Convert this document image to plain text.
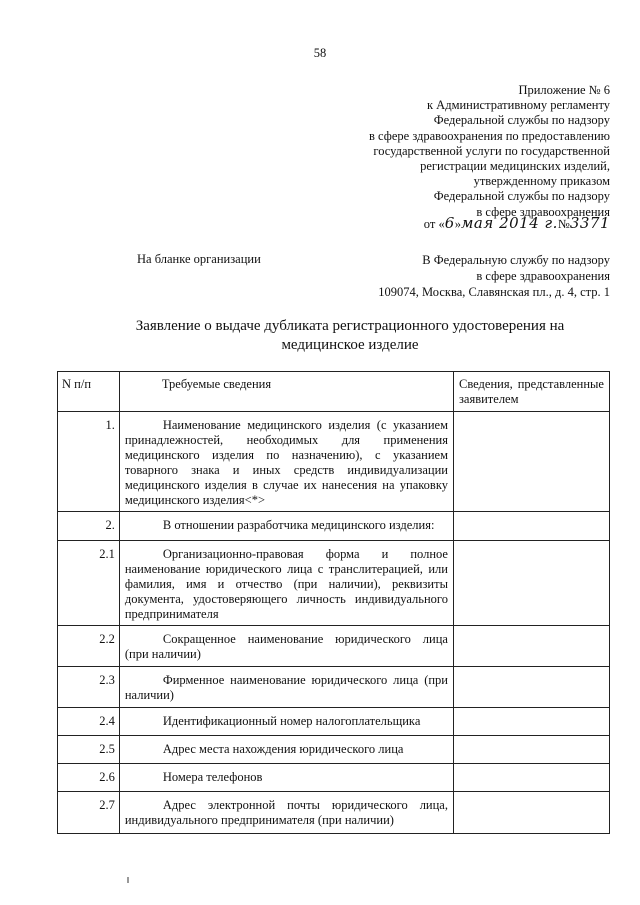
58
Приложение № 6
к Административному регламенту
Федеральной службы по надзору
в сфере здравоохранения по предоставлению
государственной услуги по государственной
регистрации медицинских изделий,
утвержденному приказом
Федеральной службы по надзору
в сфере здравоохранения
от «6»мая 2014 г.№3371
На бланке организации	В Федеральную службу по надзору
в сфере здравоохранения
109074, Москва, Славянская пл., д. 4, стр. 1
Заявление о выдаче дубликата регистрационного удостоверения на
медицинское изделие
N п/п	Требуемые сведения	Сведения, представленные заявителем
1.	Наименование медицинского изделия (с указанием принадлежностей, необходимых для применения медицинского изделия по назначению), с указанием товарного знака и иных средств индивидуализации медицинского изделия в случае их нанесения на упаковку медицинского изделия<*>	

2.	В отношении разработчика медицинского изделия:	

2.1	Организационно-правовая форма и полное наименование юридического лица с транслитерацией, или фамилия, имя и отчество (при наличии), реквизиты документа, удостоверяющего личность индивидуального предпринимателя	

2.2	Сокращенное наименование юридического лица (при наличии)	

2.3	Фирменное наименование юридического лица (при наличии)	

2.4	Идентификационный номер налогоплательщика	

2.5	Адрес места нахождения юридического лица	

2.6	Номера телефонов	

2.7	Адрес электронной почты юридического лица, индивидуального предпринимателя (при наличии)	
